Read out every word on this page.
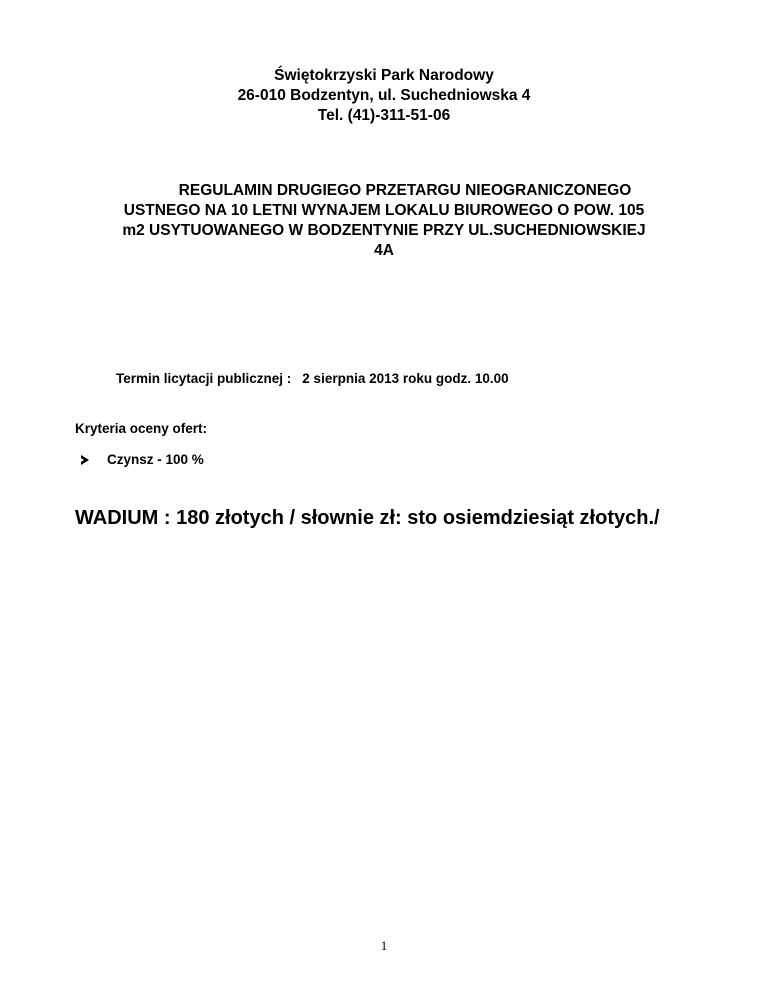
Świętokrzyski Park Narodowy
26-010 Bodzentyn, ul. Suchedniowska 4
Tel. (41)-311-51-06
REGULAMIN DRUGIEGO PRZETARGU NIEOGRANICZONEGO
USTNEGO NA 10 LETNI WYNAJEM LOKALU BIUROWEGO O POW. 105
m2 USYTUOWANEGO W BODZENTYNIE PRZY UL.SUCHEDNIOWSKIEJ
4A
Termin licytacji publicznej : 2 sierpnia 2013 roku godz. 10.00
Kryteria oceny ofert:
Czynsz - 100 %
WADIUM : 180 złotych / słownie zł: sto osiemdziesiąt złotych./
1
